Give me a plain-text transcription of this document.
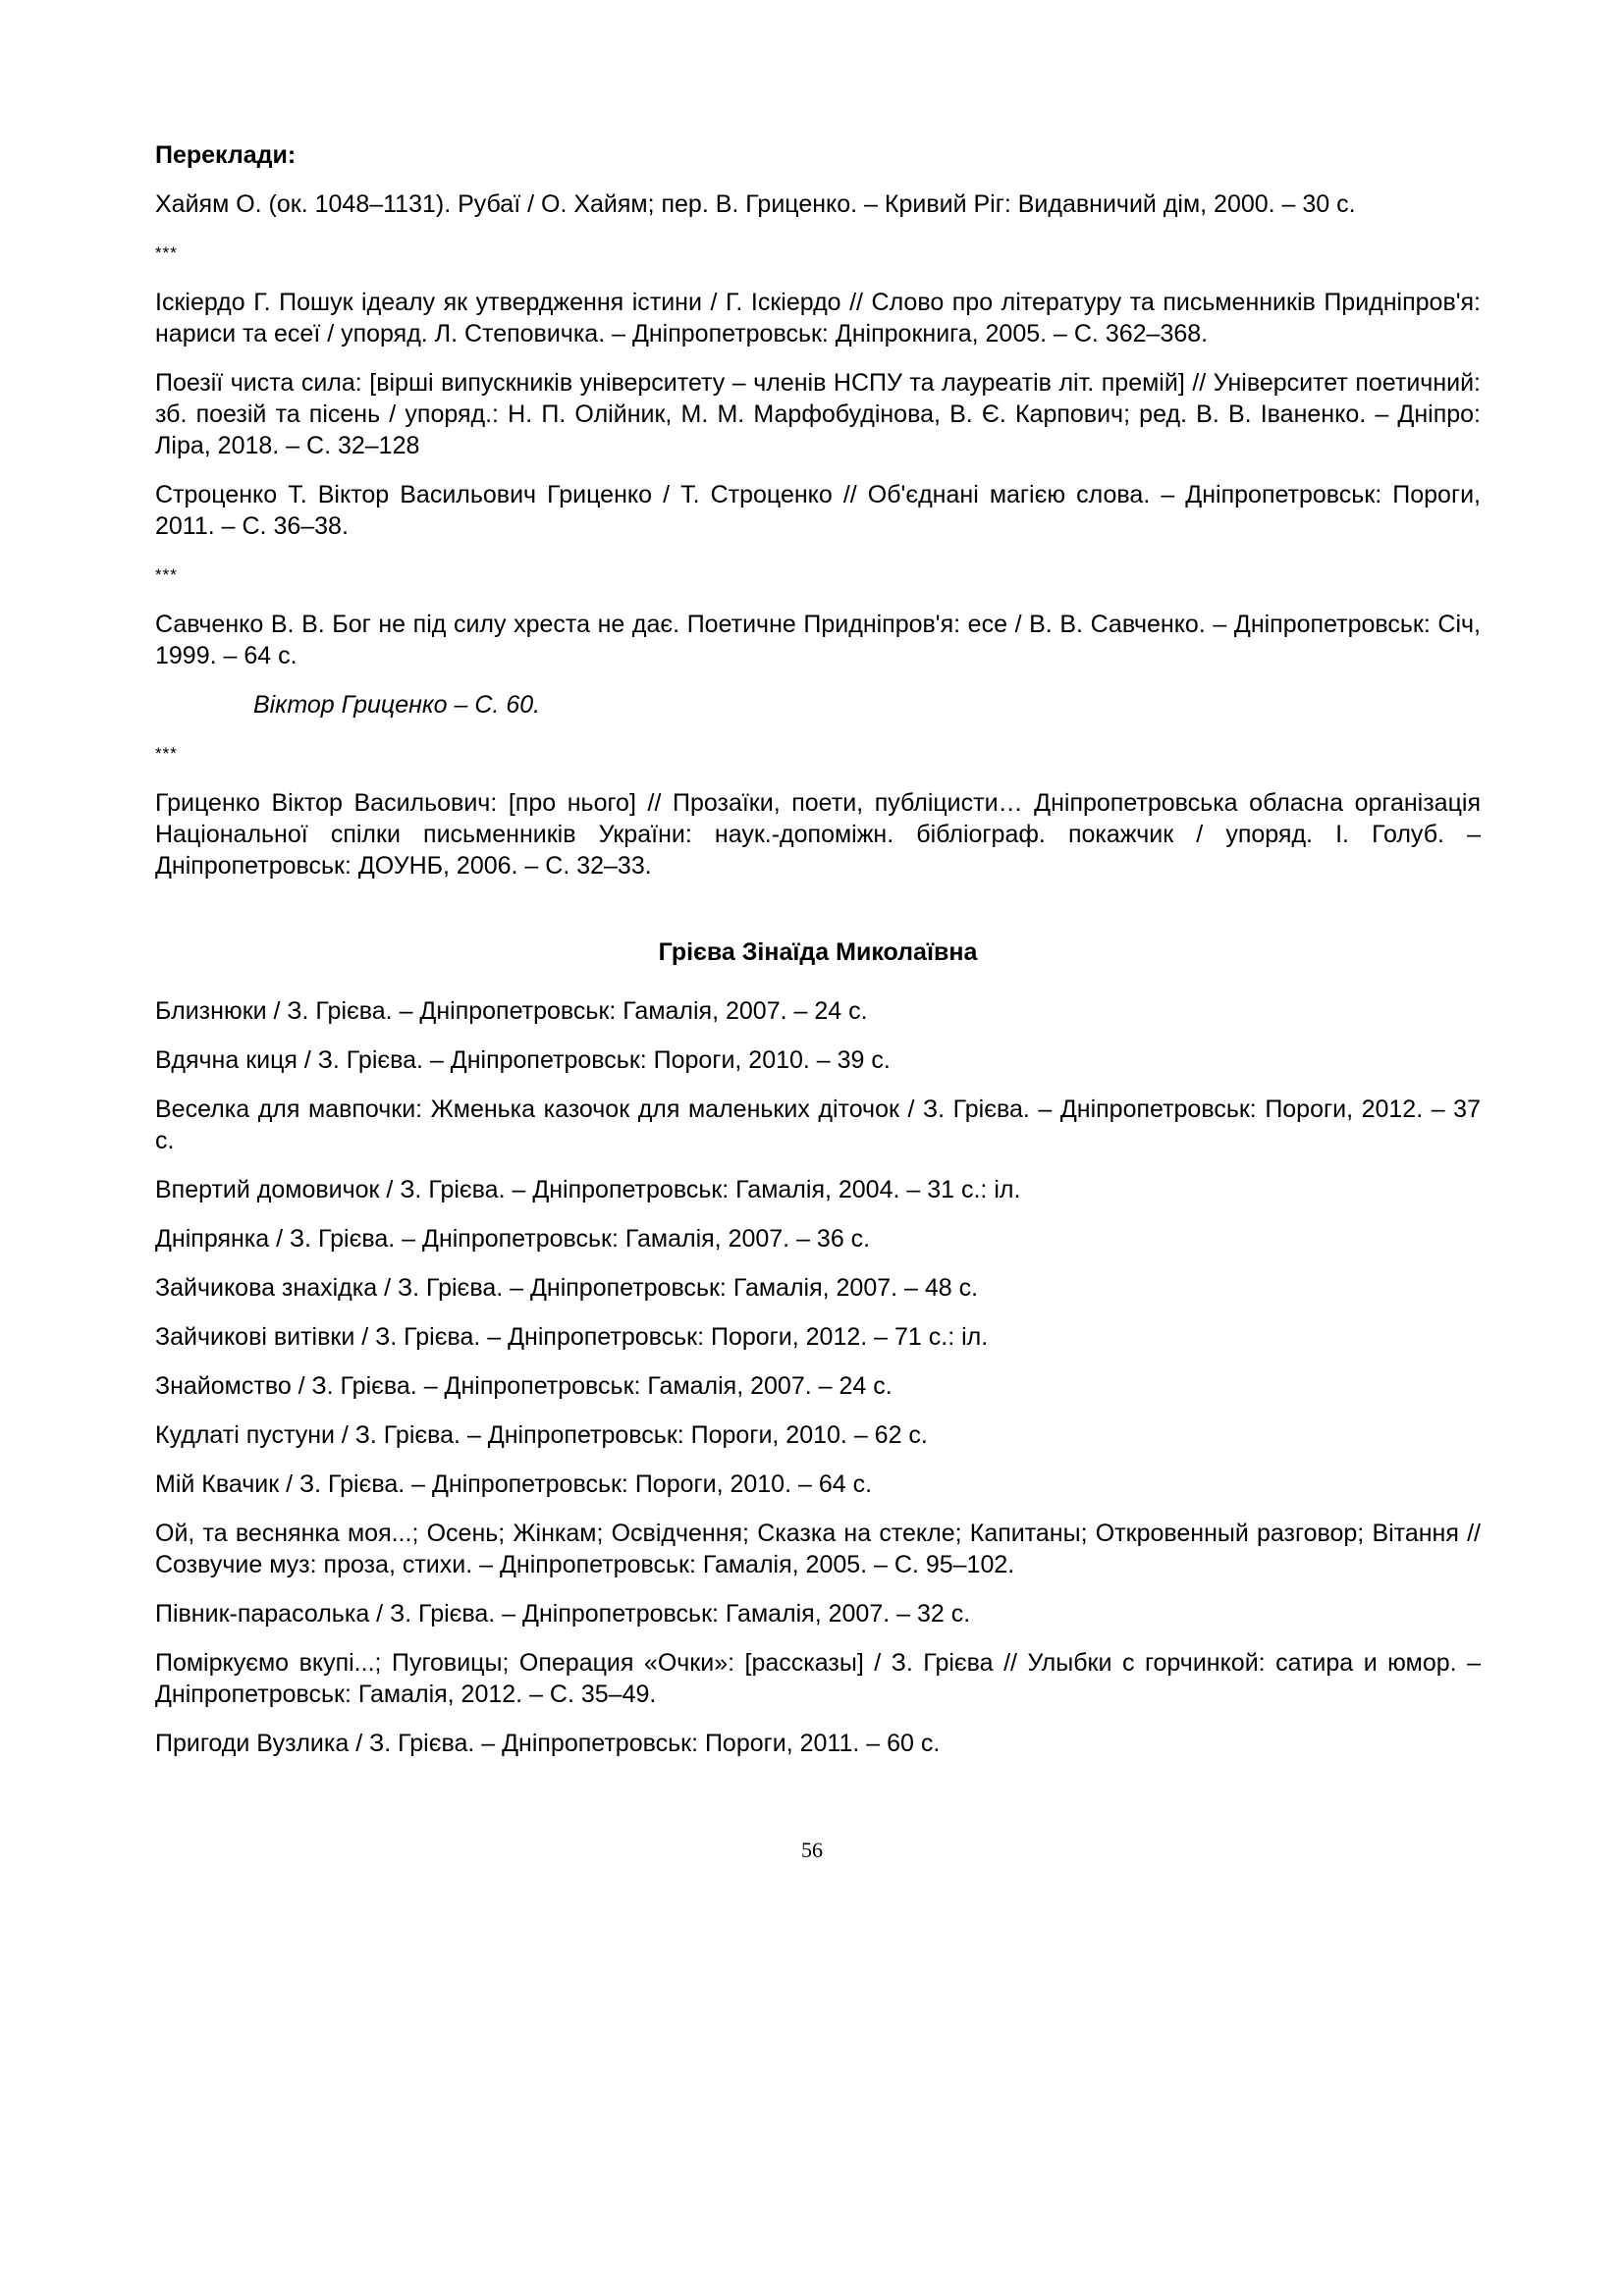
Переклади:
Хайям О. (ок. 1048–1131). Рубаї / О. Хайям; пер. В. Гриценко. – Кривий Ріг: Видавничий дім, 2000. – 30 с.
***
Іскіердо Г. Пошук ідеалу як утвердження істини / Г. Іскіердо // Слово про літературу та письменників Придніпров'я: нариси та есеї / упоряд. Л. Степовичка. – Дніпропетровськ: Дніпрокнига, 2005. – С. 362–368.
Поезії чиста сила: [вірші випускників університету – членів НСПУ та лауреатів літ. премій] // Університет поетичний: зб. поезій та пісень / упоряд.: Н. П. Олійник, М. М. Марфобудінова, В. Є. Карпович; ред. В. В. Іваненко. – Дніпро: Ліра, 2018. – С. 32–128
Строценко Т. Віктор Васильович Гриценко / Т. Строценко // Об'єднані магією слова. – Дніпропетровськ: Пороги, 2011. – С. 36–38.
***
Савченко В. В. Бог не під силу хреста не дає. Поетичне Придніпров'я: есе / В. В. Савченко. – Дніпропетровськ: Січ, 1999. – 64 с.
Віктор Гриценко – С. 60.
***
Гриценко Віктор Васильович: [про нього] // Прозаїки, поети, публіцисти… Дніпропетровська обласна організація Національної спілки письменників України: наук.-допоміжн. бібліограф. покажчик / упоряд. І. Голуб. – Дніпропетровськ: ДОУНБ, 2006. – С. 32–33.
Грієва Зінаїда Миколаївна
Близнюки / З. Грієва. – Дніпропетровськ: Гамалія, 2007. – 24 с.
Вдячна киця / З. Грієва. – Дніпропетровськ: Пороги, 2010. – 39 с.
Веселка для мавпочки: Жменька казочок для маленьких діточок / З. Грієва. – Дніпропетровськ: Пороги, 2012. – 37 с.
Впертий домовичок / З. Грієва. – Дніпропетровськ: Гамалія, 2004. – 31 с.: іл.
Дніпрянка / З. Грієва. – Дніпропетровськ: Гамалія, 2007. – 36 с.
Зайчикова знахідка / З. Грієва. – Дніпропетровськ: Гамалія, 2007. – 48 с.
Зайчикові витівки / З. Грієва. – Дніпропетровськ: Пороги, 2012. – 71 с.: іл.
Знайомство / З. Грієва. – Дніпропетровськ: Гамалія, 2007. – 24 с.
Кудлаті пустуни / З. Грієва. – Дніпропетровськ: Пороги, 2010. – 62 с.
Мій Квачик / З. Грієва. – Дніпропетровськ: Пороги, 2010. – 64 с.
Ой, та веснянка моя...; Осень; Жінкам; Освідчення; Сказка на стекле; Капитаны; Откровенный разговор; Вітання // Созвучие муз: проза, стихи. – Дніпропетровськ: Гамалія, 2005. – С. 95–102.
Півник-парасолька / З. Грієва. – Дніпропетровськ: Гамалія, 2007. – 32 с.
Поміркуємо вкупі...; Пуговицы; Операция «Очки»: [рассказы] / З. Грієва // Улыбки с горчинкой: сатира и юмор. – Дніпропетровськ: Гамалія, 2012. – С. 35–49.
Пригоди Вузлика / З. Грієва. – Дніпропетровськ: Пороги, 2011. – 60 с.
56
